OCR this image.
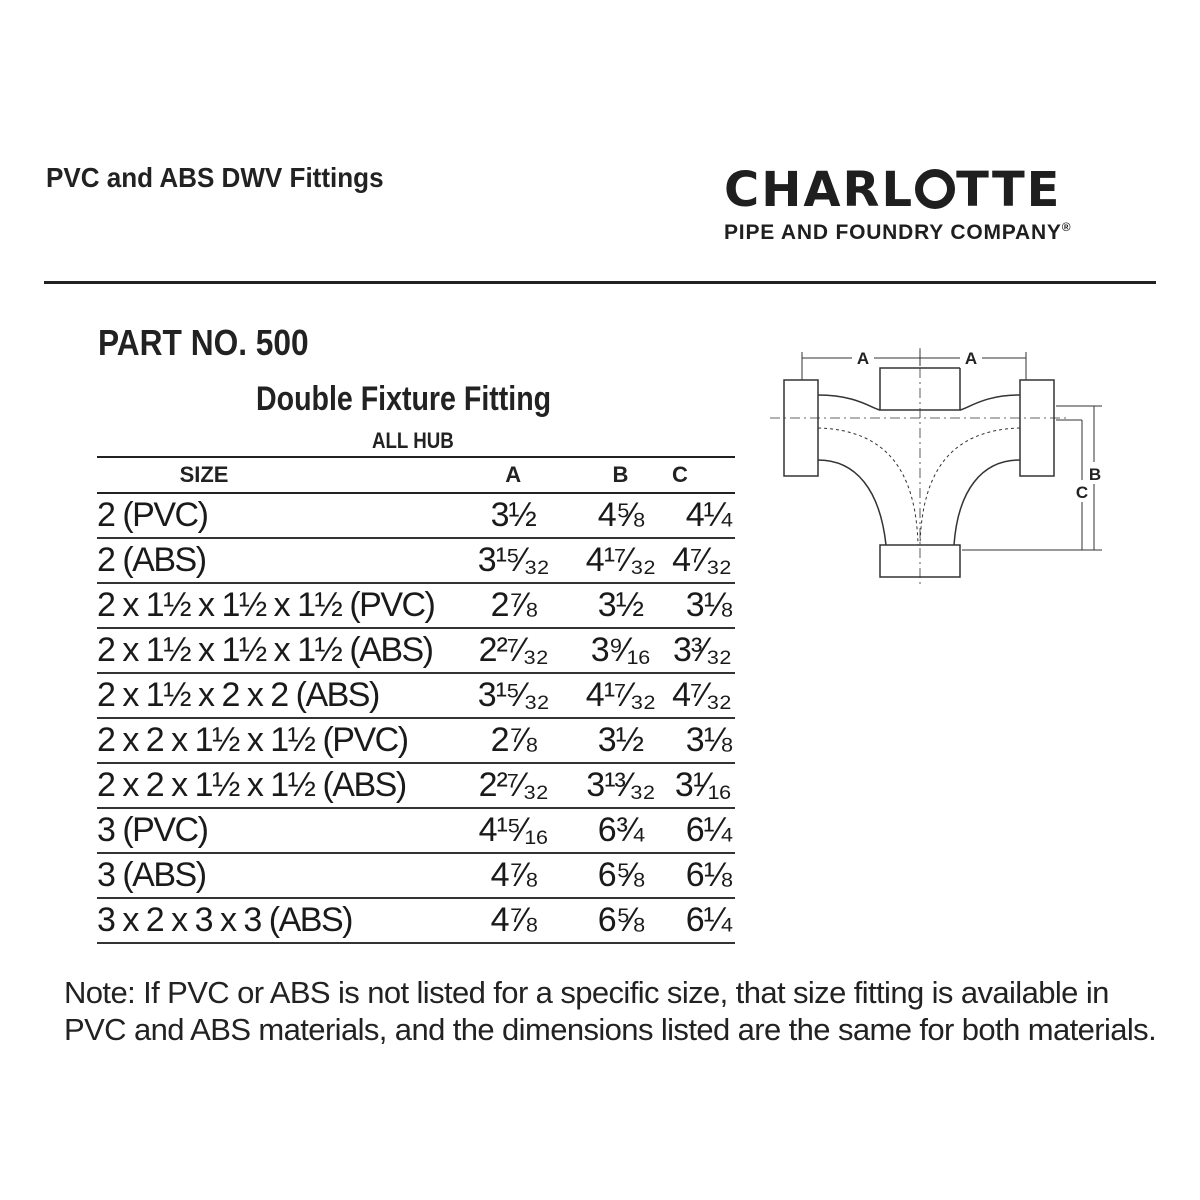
PVC and ABS DWV Fittings	CHARL TTE
PIPE AND FOUNDRY COMPANY®
PART NO. 500
Double Fixture Fitting
ALL HUB
SIZE		A	B	C
2 (PVC)		3½	4⅝	4¼
2 (ABS)		3¹⁵⁄₃₂	4¹⁷⁄₃₂	4⁷⁄₃₂
2 x 1½ x 1½ x 1½ (PVC)		2⅞	3½	3⅛
2 x 1½ x 1½ x 1½ (ABS)		2²⁷⁄₃₂	3⁹⁄₁₆	3³⁄₃₂
2 x 1½ x 2 x 2 (ABS)		3¹⁵⁄₃₂	4¹⁷⁄₃₂	4⁷⁄₃₂
2 x 2 x 1½ x 1½ (PVC)		2⅞	3½	3⅛
2 x 2 x 1½ x 1½ (ABS)		2²⁷⁄₃₂	3¹³⁄₃₂	3¹⁄₁₆
3 (PVC)		4¹⁵⁄₁₆	6¾	6¼
3 (ABS)		4⅞	6⅝	6⅛
3 x 2 x 3 x 3 (ABS)		4⅞	6⅝	6¼
A	A
C
B
Note: If PVC or ABS is not listed for a specific size, that size fitting is available in PVC and ABS materials, and the dimensions listed are the same for both materials.
